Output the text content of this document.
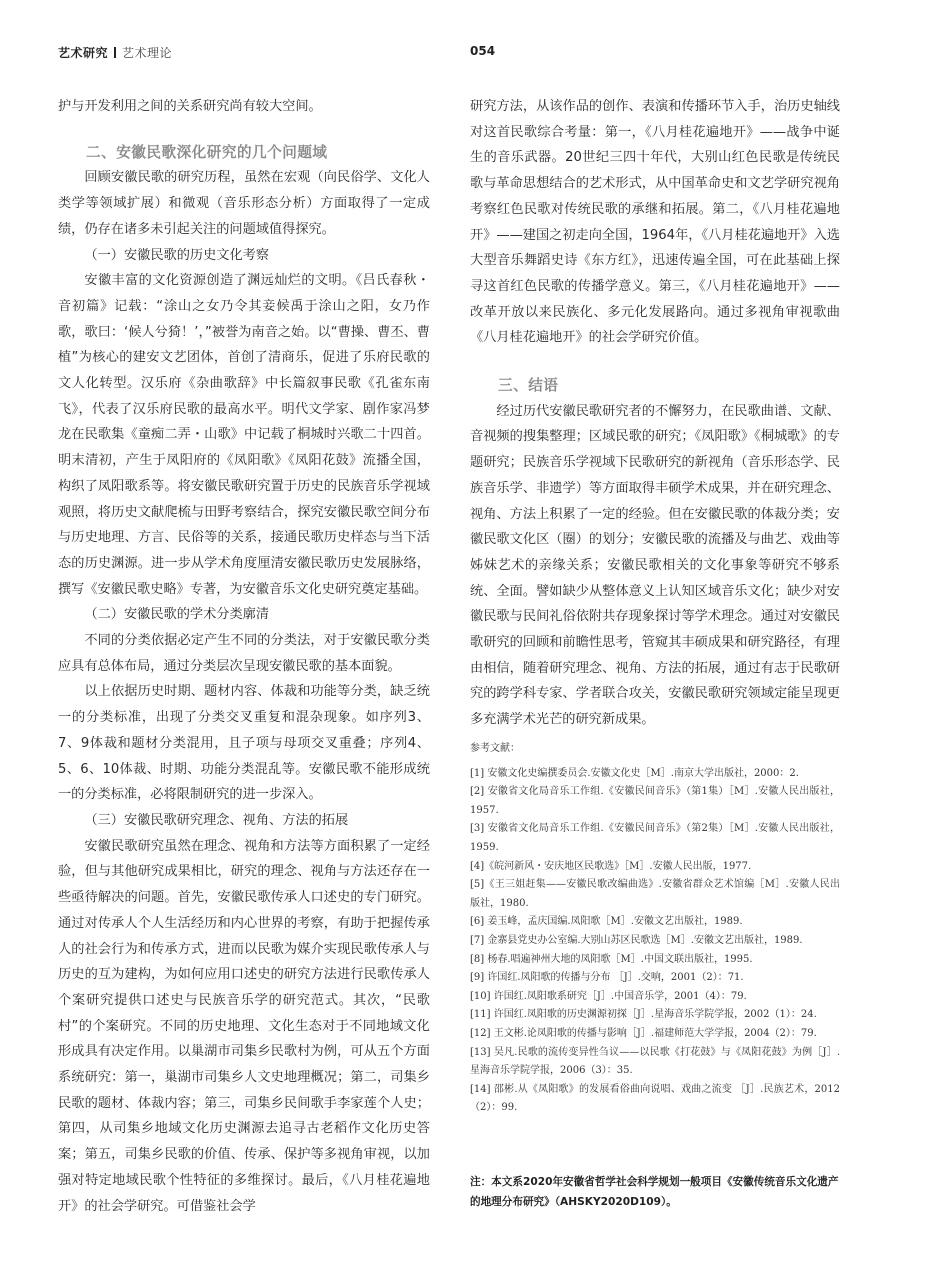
艺术研究 艺术理论	054

护与开发利用之间的关系研究尚有较大空间。

二、安徽民歌深化研究的几个问题域

回顾安徽民歌的研究历程，虽然在宏观（向民俗学、文化人类学等领域扩展）和微观（音乐形态分析）方面取得了一定成绩，仍存在诸多未引起关注的问题域值得探究。

（一）安徽民歌的历史文化考察

安徽丰富的文化资源创造了渊远灿烂的文明。《吕氏春秋・音初篇》记载：“涂山之女乃令其妾候禹于涂山之阳，女乃作歌，歌曰：‘候人兮猗！’，”被誉为南音之始。以“曹操、曹丕、曹植”为核心的建安文艺团体，首创了清商乐，促进了乐府民歌的文人化转型。汉乐府《杂曲歌辞》中长篇叙事民歌《孔雀东南飞》，代表了汉乐府民歌的最高水平。明代文学家、剧作家冯梦龙在民歌集《童痴二弄・山歌》中记载了桐城时兴歌二十四首。明末清初，产生于凤阳府的《凤阳歌》《凤阳花鼓》流播全国，构织了凤阳歌系等。将安徽民歌研究置于历史的民族音乐学视域观照，将历史文献爬梳与田野考察结合，探究安徽民歌空间分布与历史地理、方言、民俗等的关系，接通民歌历史样态与当下活态的历史渊源。进一步从学术角度厘清安徽民歌历史发展脉络，撰写《安徽民歌史略》专著，为安徽音乐文化史研究奠定基础。

（二）安徽民歌的学术分类廓清

不同的分类依据必定产生不同的分类法，对于安徽民歌分类应具有总体布局，通过分类层次呈现安徽民歌的基本面貌。

以上依据历史时期、题材内容、体裁和功能等分类，缺乏统一的分类标准，出现了分类交叉重复和混杂现象。如序列3、7、9体裁和题材分类混用，且子项与母项交叉重叠；序列4、5、6、10体裁、时期、功能分类混乱等。安徽民歌不能形成统一的分类标准，必将限制研究的进一步深入。

（三）安徽民歌研究理念、视角、方法的拓展

安徽民歌研究虽然在理念、视角和方法等方面积累了一定经验，但与其他研究成果相比，研究的理念、视角与方法还存在一些亟待解决的问题。首先，安徽民歌传承人口述史的专门研究。通过对传承人个人生活经历和内心世界的考察，有助于把握传承人的社会行为和传承方式，进而以民歌为媒介实现民歌传承人与历史的互为建构，为如何应用口述史的研究方法进行民歌传承人个案研究提供口述史与民族音乐学的研究范式。其次，“民歌村”的个案研究。不同的历史地理、文化生态对于不同地域文化形成具有决定作用。以巢湖市司集乡民歌村为例，可从五个方面系统研究：第一，巢湖市司集乡人文史地理概况；第二，司集乡民歌的题材、体裁内容；第三，司集乡民间歌手李家莲个人史；第四，从司集乡地域文化历史渊源去追寻古老稻作文化历史答案；第五，司集乡民歌的价值、传承、保护等多视角审视，以加强对特定地域民歌个性特征的多维探讨。最后，《八月桂花遍地开》的社会学研究。可借鉴社会学

研究方法，从该作品的创作、表演和传播环节入手，治历史轴线对这首民歌综合考量：第一，《八月桂花遍地开》——战争中诞生的音乐武器。20世纪三四十年代，大别山红色民歌是传统民歌与革命思想结合的艺术形式，从中国革命史和文艺学研究视角考察红色民歌对传统民歌的承继和拓展。第二，《八月桂花遍地开》——建国之初走向全国，1964年，《八月桂花遍地开》入选大型音乐舞蹈史诗《东方红》，迅速传遍全国，可在此基础上探寻这首红色民歌的传播学意义。第三，《八月桂花遍地开》——改革开放以来民族化、多元化发展路向。通过多视角审视歌曲《八月桂花遍地开》的社会学研究价值。

三、结语

经过历代安徽民歌研究者的不懈努力，在民歌曲谱、文献、音视频的搜集整理；区域民歌的研究；《凤阳歌》《桐城歌》的专题研究；民族音乐学视域下民歌研究的新视角（音乐形态学、民族音乐学、非遗学）等方面取得丰硕学术成果，并在研究理念、视角、方法上积累了一定的经验。但在安徽民歌的体裁分类；安徽民歌文化区（圈）的划分；安徽民歌的流播及与曲艺、戏曲等姊妹艺术的亲缘关系；安徽民歌相关的文化事象等研究不够系统、全面。譬如缺少从整体意义上认知区域音乐文化；缺少对安徽民歌与民间礼俗依附共存现象探讨等学术理念。通过对安徽民歌研究的回顾和前瞻性思考，管窥其丰硕成果和研究路径，有理由相信，随着研究理念、视角、方法的拓展，通过有志于民歌研究的跨学科专家、学者联合攻关，安徽民歌研究领域定能呈现更多充满学术光芒的研究新成果。

参考文献：

[1] 安徽文化史编撰委员会.安徽文化史［M］.南京大学出版社，2000：2.

[2] 安徽省文化局音乐工作组.《安徽民间音乐》（第1集）［M］.安徽人民出版社，1957.

[3] 安徽省文化局音乐工作组.《安徽民间音乐》（第2集）［M］.安徽人民出版社，1959.

[4]《皖河新风・安庆地区民歌选》［M］.安徽人民出版，1977.

[5]《王三姐赶集——安徽民歌改编曲选》.安徽省群众艺术馆编［M］.安徽人民出版社，1980.

[6] 姜玉峰，孟庆国编.凤阳歌［M］.安徽文艺出版社，1989.

[7] 金寨县党史办公室编.大别山苏区民歌选［M］.安徽文艺出版社，1989.

[8] 杨春.唱遍神州大地的凤阳歌［M］.中国文联出版社，1995.

[9] 许国红.凤阳歌的传播与分布 ［J］.交响，2001（2）：71.

[10] 许国红.凤阳歌系研究［J］.中国音乐学，2001（4）：79.

[11] 许国红.凤阳歌的历史渊源初探［J］.星海音乐学院学报，2002（1）：24.

[12] 王文彬.论凤阳歌的传播与影响［J］.福建师范大学学报，2004（2）：79.

[13] 吴凡.民歌的流传变异性刍议——以民歌《打花鼓》与《凤阳花鼓》为例［J］.星海音乐学院学报，2006（3）：35.

[14] 邵彬.从《凤阳歌》的发展看俗曲向说唱、戏曲之流变 ［J］.民族艺术，2012（2）：99.

注：本文系2020年安徽省哲学社会科学规划一般项目《安徽传统音乐文化遗产的地理分布研究》（AHSKY2020D109）。
